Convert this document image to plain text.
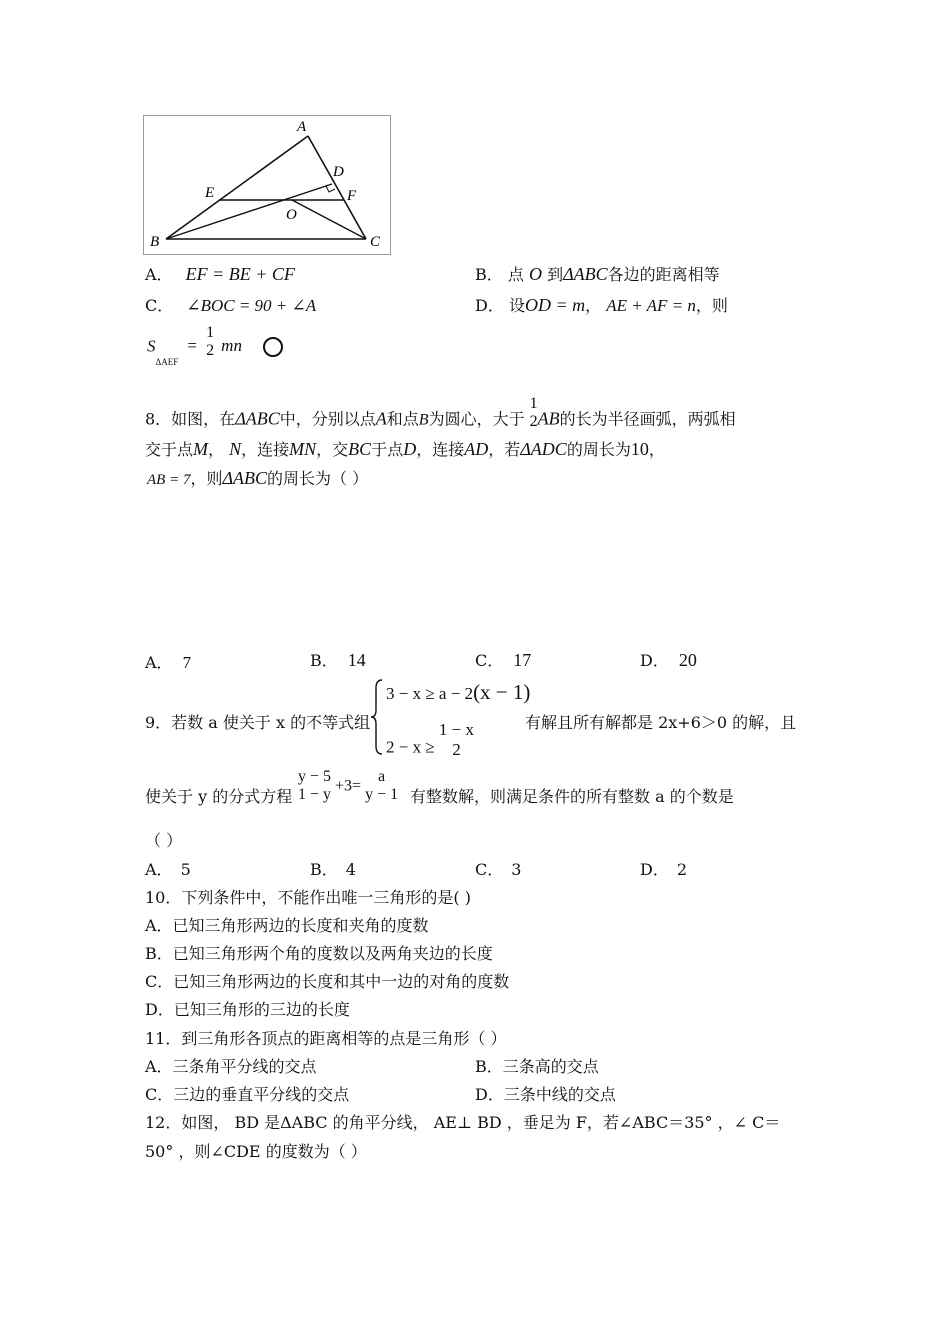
A
B	C
D
E	F
O
A． EF = BE + CF	B． 点 O 到ΔABC各边的距离相等
C． ∠BOC = 90 + ∠A	D． 设OD = m， AE + AF = n，则
$S_{\Delta AEF}$ =
1
2 mn
8．如图，在ΔABC中，分别以点A和点B为圆心，大于
1
2 AB的长为半径画弧，两弧相
交于点M， N，连接MN，交BC于点D，连接AD，若ΔADC的周长为10，
AB = 7，则ΔABC的周长为（ ）
A． 7	B． 14	C． 17	D． 20
9．若数 a 使关于 x 的不等式组
3 − x ≥ a − 2(x − 1)
2 − x ≥
1 − x
2
有解且所有解都是 2x+6＞0 的解，且
使关于 y 的分式方程
y − 5
1 − y
+3=
a
y − 1 有整数解，则满足条件的所有整数 a 的个数是
（ ）
A． 5	B． 4	C． 3	D． 2
10．下列条件中，不能作出唯一三角形的是( )
A．已知三角形两边的长度和夹角的度数
B．已知三角形两个角的度数以及两角夹边的长度
C．已知三角形两边的长度和其中一边的对角的度数
D．已知三角形的三边的长度
11．到三角形各顶点的距离相等的点是三角形（ ）
A．三条角平分线的交点	B．三条高的交点
C．三边的垂直平分线的交点	D．三条中线的交点
12．如图， BD 是ΔABC 的角平分线， AE⊥ BD ，垂足为 F，若∠ABC＝35° ，∠ C＝
50° ，则∠CDE 的度数为（ ）
